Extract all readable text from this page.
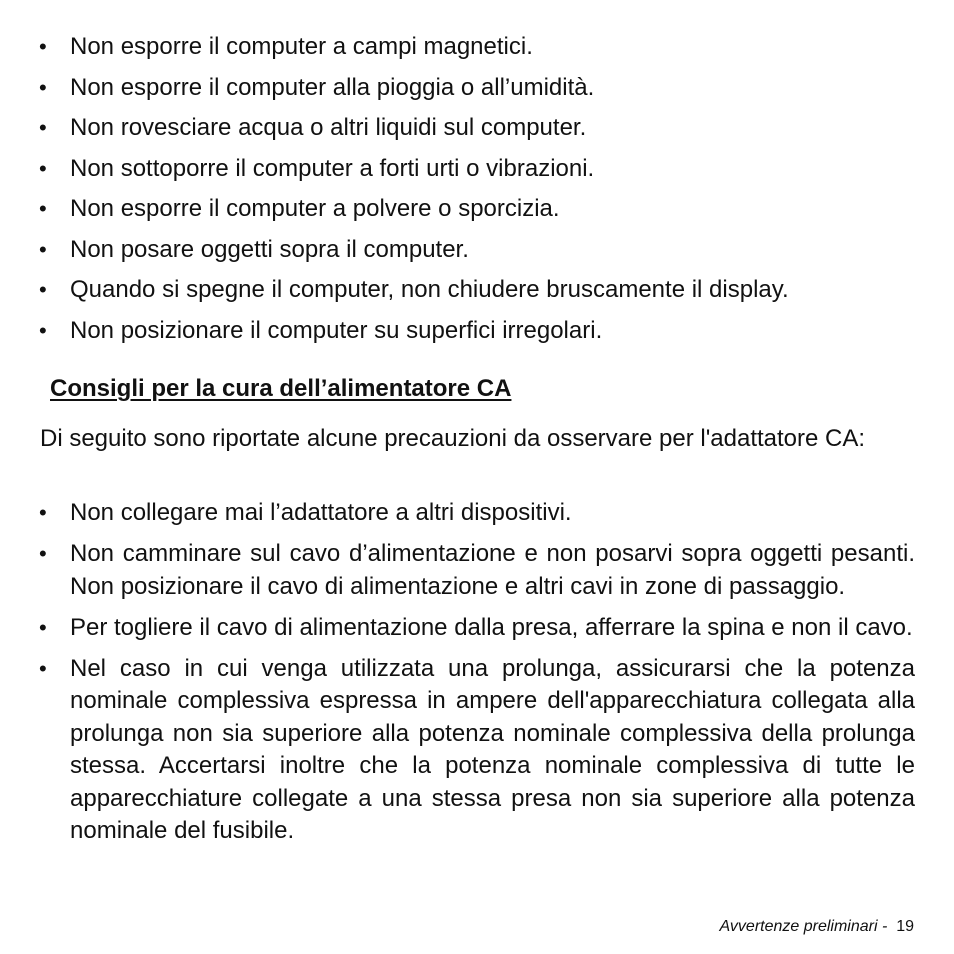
• Non esporre il computer a campi magnetici.
• Non esporre il computer alla pioggia o all’umidità.
• Non rovesciare acqua o altri liquidi sul computer.
• Non sottoporre il computer a forti urti o vibrazioni.
• Non esporre il computer a polvere o sporcizia.
• Non posare oggetti sopra il computer.
• Quando si spegne il computer, non chiudere bruscamente il display.
• Non posizionare il computer su superfici irregolari.
Consigli per la cura dell’alimentatore CA

Di seguito sono riportate alcune precauzioni da osservare per l'adattatore CA:

• Non collegare mai l’adattatore a altri dispositivi.
• Non camminare sul cavo d’alimentazione e non posarvi sopra oggetti pesanti. Non posizionare il cavo di alimentazione e altri cavi in zone di passaggio.
• Per togliere il cavo di alimentazione dalla presa, afferrare la spina e non il cavo.
• Nel caso in cui venga utilizzata una prolunga, assicurarsi che la potenza nominale complessiva espressa in ampere dell'apparecchiatura collegata alla prolunga non sia superiore alla potenza nominale complessiva della prolunga stessa. Accertarsi inoltre che la potenza nominale complessiva di tutte le apparecchiature collegate a una stessa presa non sia superiore alla potenza nominale del fusibile.
Avvertenze preliminari - 19
